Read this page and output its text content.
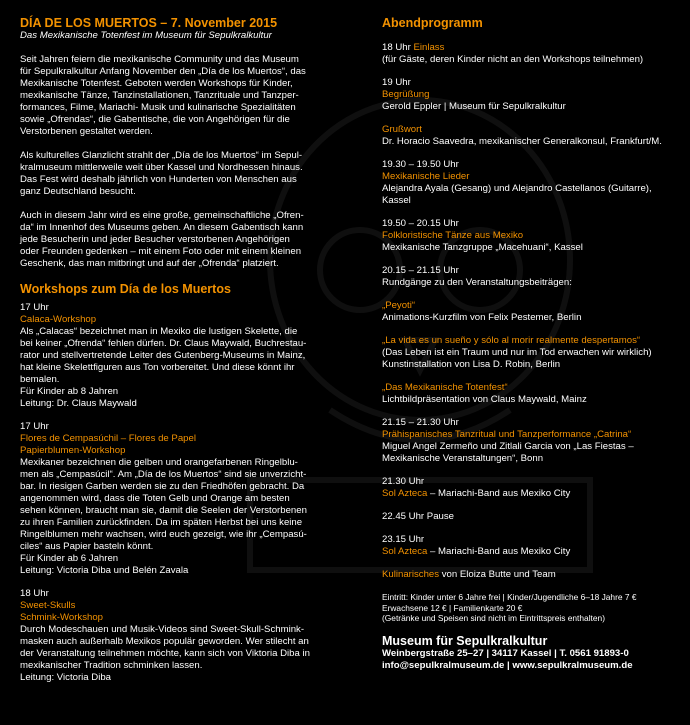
DÍA DE LOS MUERTOS – 7. November 2015
Das Mexikanische Totenfest im Museum für Sepulkralkultur

Seit Jahren feiern die mexikanische Community und das Museum
für Sepulkralkultur Anfang November den „Día de los Muertos“, das
Mexikanische Totenfest. Geboten werden Workshops für Kinder,
mexikanische Tänze, Tanzinstallationen, Tanzrituale und Tanzper-
formances, Filme, Mariachi- Musik und kulinarische Spezialitäten
sowie „Ofrendas“, die Gabentische, die von Angehörigen für die
Verstorbenen gestaltet werden.

Als kulturelles Glanzlicht strahlt der „Día de los Muertos“ im Sepul-
kralmuseum mittlerweile weit über Kassel und Nordhessen hinaus.
Das Fest wird deshalb jährlich von Hunderten von Menschen aus
ganz Deutschland besucht.

Auch in diesem Jahr wird es eine große, gemeinschaftliche „Ofren-
da“ im Innenhof des Museums geben. An diesem Gabentisch kann
jede Besucherin und jeder Besucher verstorbenen Angehörigen
oder Freunden gedenken – mit einem Foto oder mit einem kleinen
Geschenk, das man mitbringt und auf der „Ofrenda“ platziert.

Workshops zum Día de los Muertos
17 Uhr
Calaca-Workshop
Als „Calacas“ bezeichnet man in Mexiko die lustigen Skelette, die
bei keiner „Ofrenda“ fehlen dürfen. Dr. Claus Maywald, Buchrestau-
rator und stellvertretende Leiter des Gutenberg-Museums in Mainz,
hat kleine Skelettfiguren aus Ton vorbereitet. Und diese könnt ihr
bemalen.
Für Kinder ab 8 Jahren
Leitung: Dr. Claus Maywald
17 Uhr
Flores de Cempasúchil – Flores de Papel
Papierblumen-Workshop
Mexikaner bezeichnen die gelben und orangefarbenen Ringelblu-
men als „Cempasúcil“. Am „Día de los Muertos“ sind sie unverzicht-
bar. In riesigen Garben werden sie zu den Friedhöfen gebracht. Da
angenommen wird, dass die Toten Gelb und Orange am besten
sehen können, braucht man sie, damit die Seelen der Verstorbenen
zu ihren Familien zurückfinden. Da im späten Herbst bei uns keine
Ringelblumen mehr wachsen, wird euch gezeigt, wie ihr „Cempasú-
ciles“ aus Papier basteln könnt.
Für Kinder ab 6 Jahren
Leitung: Victoria Diba und Belén Zavala
18 Uhr
Sweet-Skulls
Schmink-Workshop
Durch Modeschauen und Musik-Videos sind Sweet-Skull-Schmink-
masken auch außerhalb Mexikos populär geworden. Wer stilecht an
der Veranstaltung teilnehmen möchte, kann sich von Viktoria Diba in
mexikanischer Tradition schminken lassen.
Leitung: Victoria Diba
Abendprogramm
18 Uhr Einlass
(für Gäste, deren Kinder nicht an den Workshops teilnehmen)
19 Uhr
Begrüßung
Gerold Eppler | Museum für Sepulkralkultur
Grußwort
Dr. Horacio Saavedra, mexikanischer Generalkonsul, Frankfurt/M.
19.30 – 19.50 Uhr
Mexikanische Lieder
Alejandra Ayala (Gesang) und Alejandro Castellanos (Guitarre),
Kassel
19.50 – 20.15 Uhr
Folkloristische Tänze aus Mexiko
Mexikanische Tanzgruppe „Macehuani“, Kassel
20.15 – 21.15 Uhr
Rundgänge zu den Veranstaltungsbeiträgen:
„Peyoti“
Animations-Kurzfilm von Felix Pestemer, Berlin
„La vida es un sueño y sólo al morir realmente despertamos“
(Das Leben ist ein Traum und nur im Tod erwachen wir wirklich)
Kunstinstallation von Lisa D. Robin, Berlin
„Das Mexikanische Totenfest“
Lichtbildpräsentation von Claus Maywald, Mainz
21.15 – 21.30 Uhr
Prähispanisches Tanzritual und Tanzperformance „Catrina“
Miguel Angel Zermeño und Zitlali Garcia von „Las Fiestas –
Mexikanische Veranstaltungen“, Bonn
21.30 Uhr
Sol Azteca – Mariachi-Band aus Mexiko City
22.45 Uhr Pause
23.15 Uhr
Sol Azteca – Mariachi-Band aus Mexiko City
Kulinarisches von Eloiza Butte und Team
Eintritt: Kinder unter 6 Jahre frei | Kinder/Jugendliche 6–18 Jahre 7 €
Erwachsene 12 € | Familienkarte 20 €
(Getränke und Speisen sind nicht im Eintrittspreis enthalten)
Museum für Sepulkralkultur
Weinbergstraße 25–27 | 34117 Kassel | T. 0561 91893-0
info@sepulkralmuseum.de | www.sepulkralmuseum.de
